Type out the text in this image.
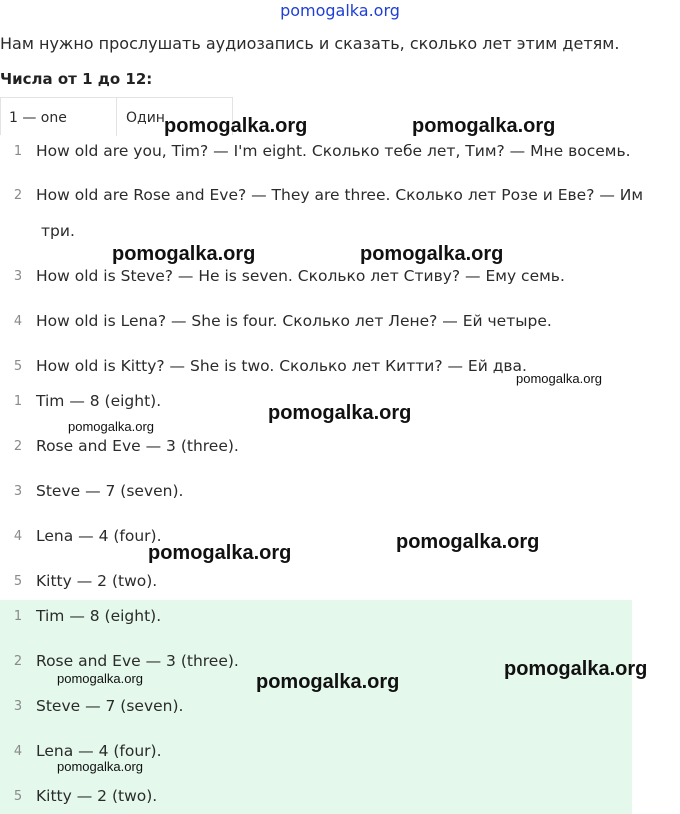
pomogalka.org
Нам нужно прослушать аудиозапись и сказать, сколько лет этим детям.
Числа от 1 до 12:
1 — one	Один
1 How old are you, Tim? — I'm eight. Сколько тебе лет, Тим? — Мне восемь.
2 How old are Rose and Eve? — They are three. Сколько лет Розе и Еве? — Им
три.
3 How old is Steve? — He is seven. Сколько лет Стиву? — Ему семь.
4 How old is Lena? — She is four. Сколько лет Лене? — Ей четыре.
5 How old is Kitty? — She is two. Сколько лет Китти? — Ей два.
1 Tim — 8 (eight).
2 Rose and Eve — 3 (three).
3 Steve — 7 (seven).
4 Lena — 4 (four).
5 Kitty — 2 (two).
1 Tim — 8 (eight).
2 Rose and Eve — 3 (three).
3 Steve — 7 (seven).
4 Lena — 4 (four).
5 Kitty — 2 (two).
pomogalka.org	pomogalka.org
pomogalka.org	pomogalka.org
pomogalka.org
pomogalka.org
pomogalka.org
pomogalka.org
pomogalka.org
pomogalka.org
pomogalka.org	pomogalka.org
pomogalka.org
